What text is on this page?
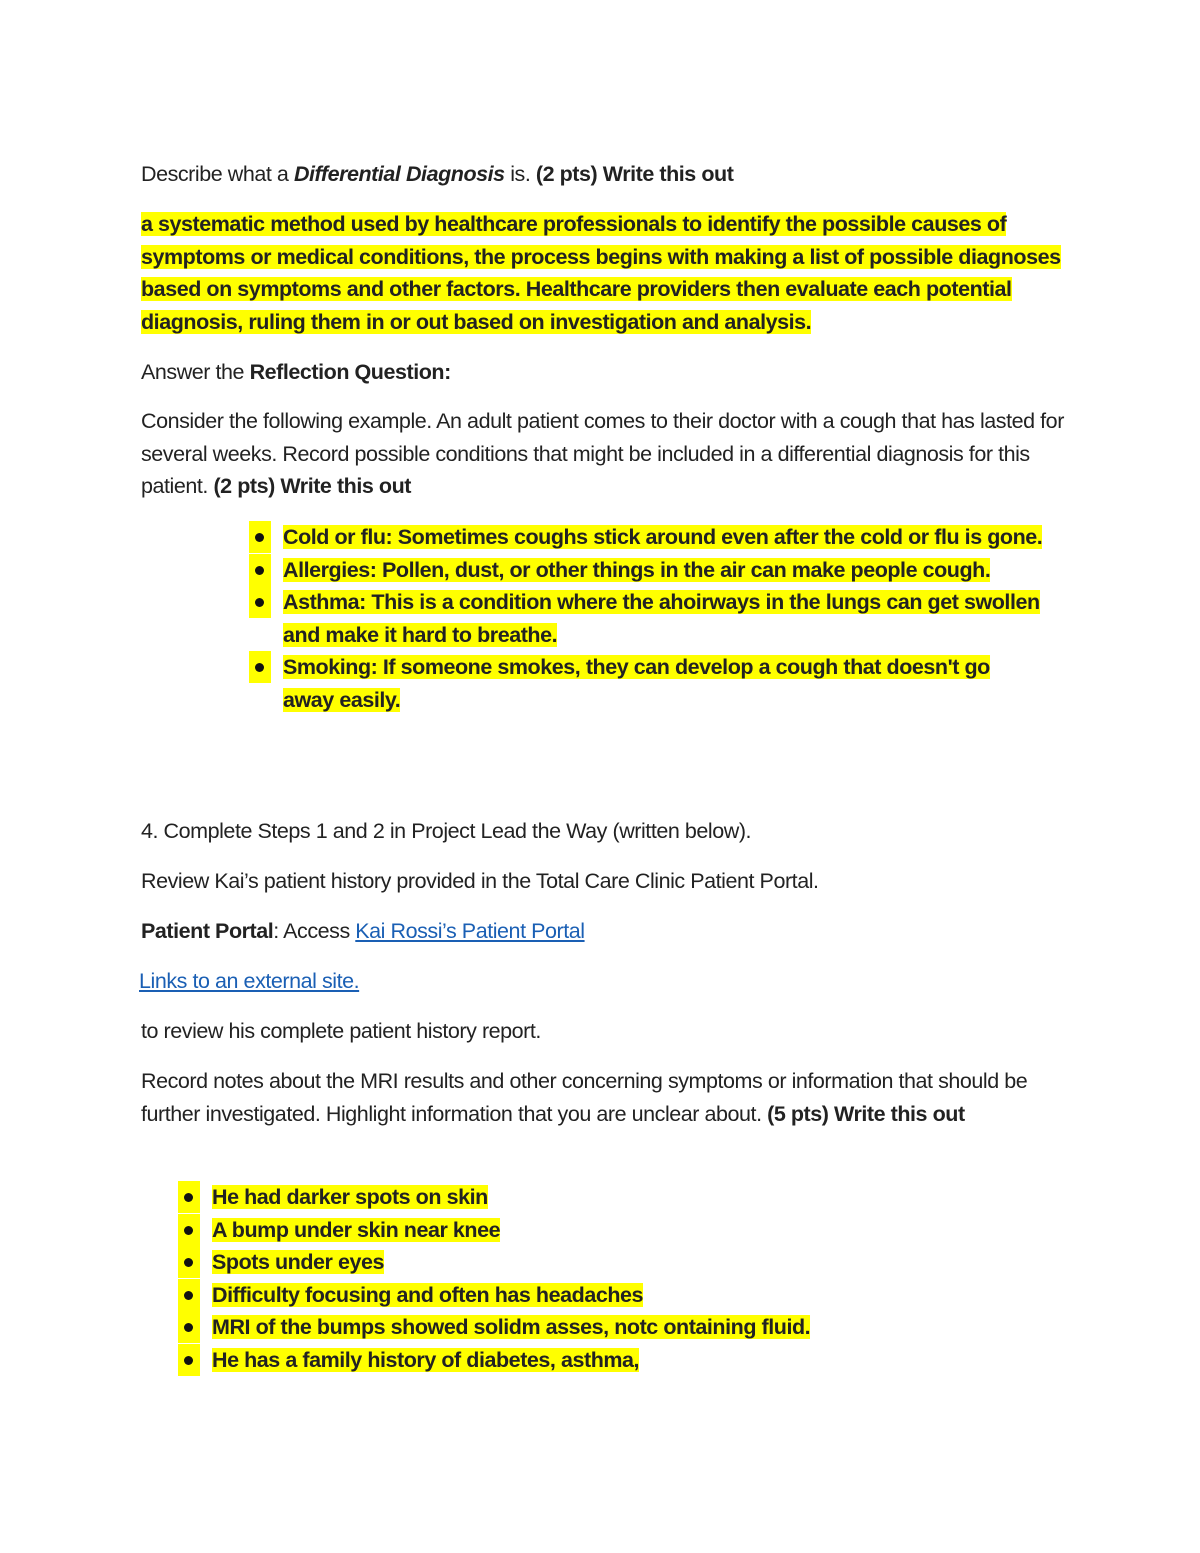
Describe what a Differential Diagnosis is. (2 pts) Write this out

a systematic method used by healthcare professionals to identify the possible causes of symptoms or medical conditions, the process begins with making a list of possible diagnoses based on symptoms and other factors. Healthcare providers then evaluate each potential diagnosis, ruling them in or out based on investigation and analysis.

Answer the Reflection Question:

Consider the following example. An adult patient comes to their doctor with a cough that has lasted for several weeks. Record possible conditions that might be included in a differential diagnosis for this patient. (2 pts) Write this out

Cold or flu: Sometimes coughs stick around even after the cold or flu is gone.
Allergies: Pollen, dust, or other things in the air can make people cough.
Asthma: This is a condition where the ahoirways in the lungs can get swollen and make it hard to breathe.
Smoking: If someone smokes, they can develop a cough that doesn't go away easily.

4. Complete Steps 1 and 2 in Project Lead the Way (written below).

Review Kai’s patient history provided in the Total Care Clinic Patient Portal.

Patient Portal: Access Kai Rossi’s Patient Portal

Links to an external site.

to review his complete patient history report.

Record notes about the MRI results and other concerning symptoms or information that should be further investigated. Highlight information that you are unclear about. (5 pts) Write this out

He had darker spots on skin
A bump under skin near knee
Spots under eyes
Difficulty focusing and often has headaches
MRI of the bumps showed solidm asses, notc ontaining fluid.
He has a family history of diabetes, asthma,
